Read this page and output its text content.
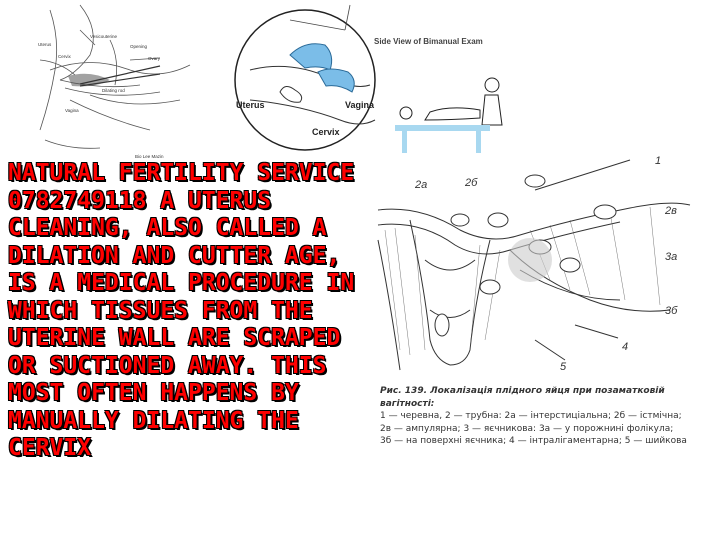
Vesicouterine
Uterus
Cervix
Opening
Ovary
Vagina
Dilating rod
Bio Lee Mazin
Side View of Bimanual Exam
Uterus	Vagina
Cervix
1
2a	2б
2в
3a
3б
4
5
Рис. 139. Локалізація плідного яйця при позаматковій вагітності:
1 — черевна, 2 — трубна: 2а — інтерстиціальна; 2б — істмічна;
2в — ампулярна; 3 — яєчникова: 3а — у порожнині фолікула;
3б — на поверхні яєчника; 4 — інтралігаментарна; 5 — шийкова

NATURAL FERTILITY SERVICE 0782749118 A UTERUS CLEANING, ALSO CALLED A DILATION AND CUTTER AGE, IS A MEDICAL PROCEDURE IN WHICH TISSUES FROM THE UTERINE WALL ARE SCRAPED OR SUCTIONED AWAY. THIS MOST OFTEN HAPPENS BY MANUALLY DILATING THE CERVIX
